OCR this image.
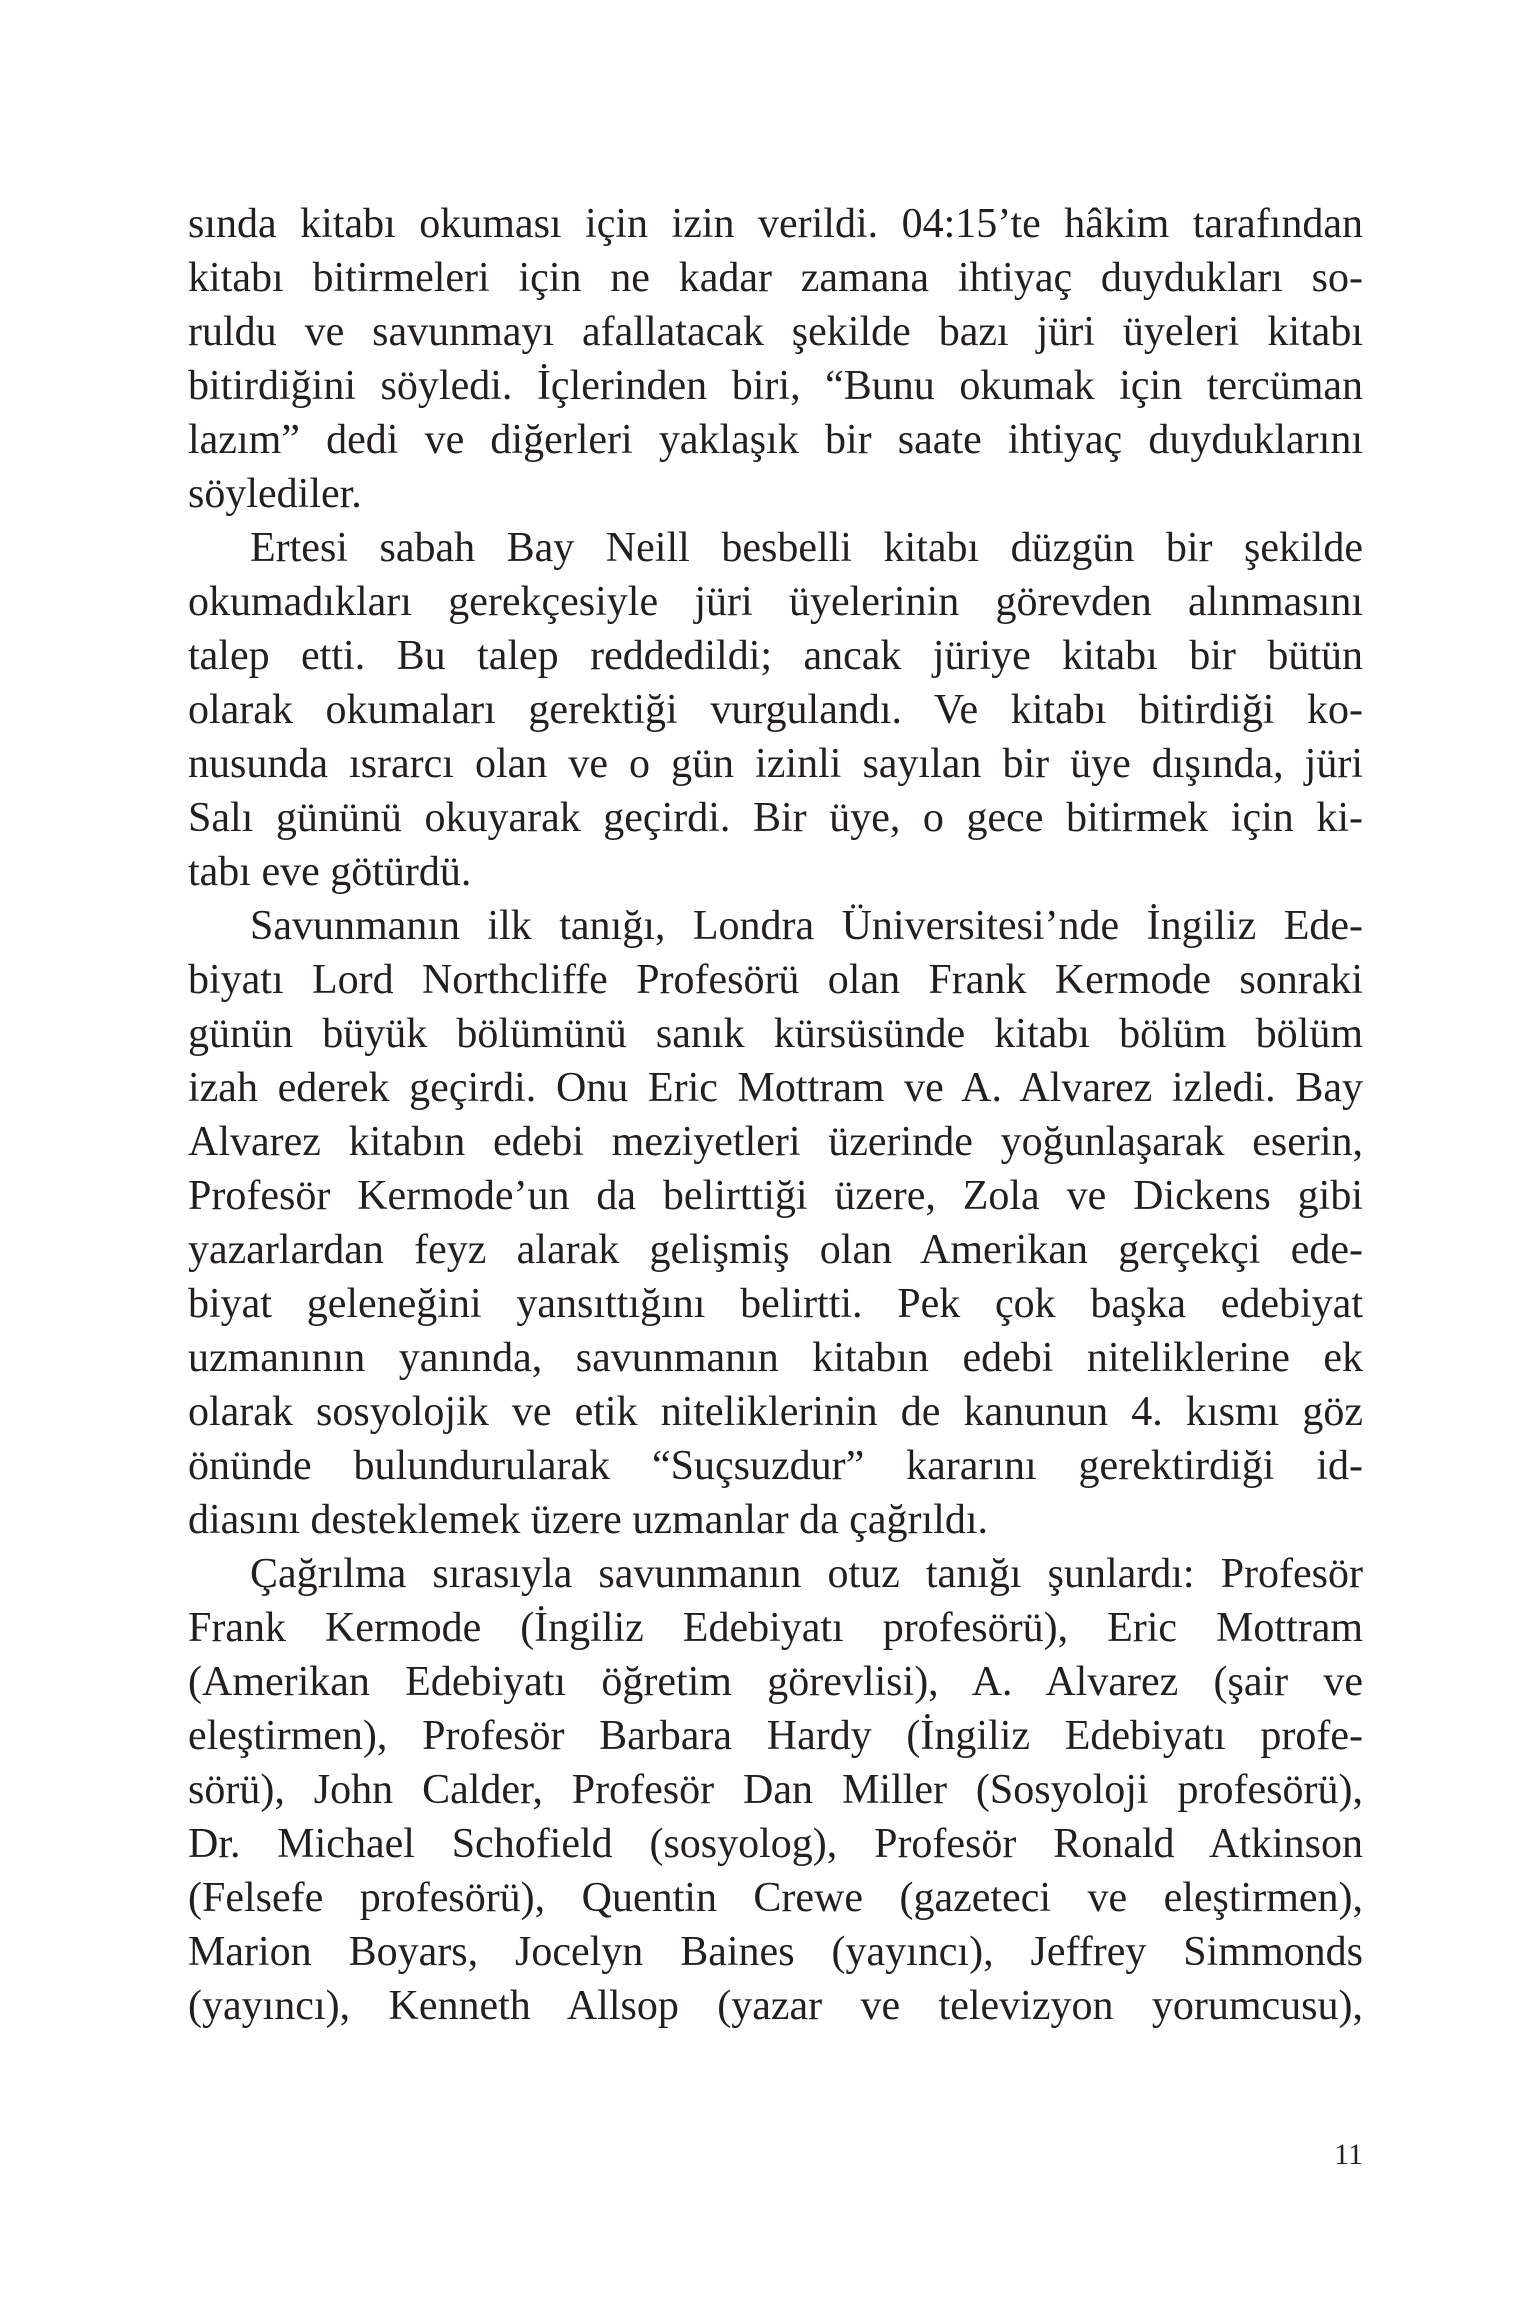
sında kitabı okuması için izin verildi. 04:15’te hâkim tarafından
kitabı bitirmeleri için ne kadar zamana ihtiyaç duydukları so-
ruldu ve savunmayı afallatacak şekilde bazı jüri üyeleri kitabı
bitirdiğini söyledi. İçlerinden biri, “Bunu okumak için tercüman
lazım” dedi ve diğerleri yaklaşık bir saate ihtiyaç duyduklarını
söylediler.
Ertesi sabah Bay Neill besbelli kitabı düzgün bir şekilde
okumadıkları gerekçesiyle jüri üyelerinin görevden alınmasını
talep etti. Bu talep reddedildi; ancak jüriye kitabı bir bütün
olarak okumaları gerektiği vurgulandı. Ve kitabı bitirdiği ko-
nusunda ısrarcı olan ve o gün izinli sayılan bir üye dışında, jüri
Salı gününü okuyarak geçirdi. Bir üye, o gece bitirmek için ki-
tabı eve götürdü.
Savunmanın ilk tanığı, Londra Üniversitesi’nde İngiliz Ede-
biyatı Lord Northcliffe Profesörü olan Frank Kermode sonraki
günün büyük bölümünü sanık kürsüsünde kitabı bölüm bölüm
izah ederek geçirdi. Onu Eric Mottram ve A. Alvarez izledi. Bay
Alvarez kitabın edebi meziyetleri üzerinde yoğunlaşarak eserin,
Profesör Kermode’un da belirttiği üzere, Zola ve Dickens gibi
yazarlardan feyz alarak gelişmiş olan Amerikan gerçekçi ede-
biyat geleneğini yansıttığını belirtti. Pek çok başka edebiyat
uzmanının yanında, savunmanın kitabın edebi niteliklerine ek
olarak sosyolojik ve etik niteliklerinin de kanunun 4. kısmı göz
önünde bulundurularak “Suçsuzdur” kararını gerektirdiği id-
diasını desteklemek üzere uzmanlar da çağrıldı.
Çağrılma sırasıyla savunmanın otuz tanığı şunlardı: Profesör
Frank Kermode (İngiliz Edebiyatı profesörü), Eric Mottram
(Amerikan Edebiyatı öğretim görevlisi), A. Alvarez (şair ve
eleştirmen), Profesör Barbara Hardy (İngiliz Edebiyatı profe-
sörü), John Calder, Profesör Dan Miller (Sosyoloji profesörü),
Dr. Michael Schofield (sosyolog), Profesör Ronald Atkinson
(Felsefe profesörü), Quentin Crewe (gazeteci ve eleştirmen),
Marion Boyars, Jocelyn Baines (yayıncı), Jeffrey Simmonds
(yayıncı), Kenneth Allsop (yazar ve televizyon yorumcusu),
11
